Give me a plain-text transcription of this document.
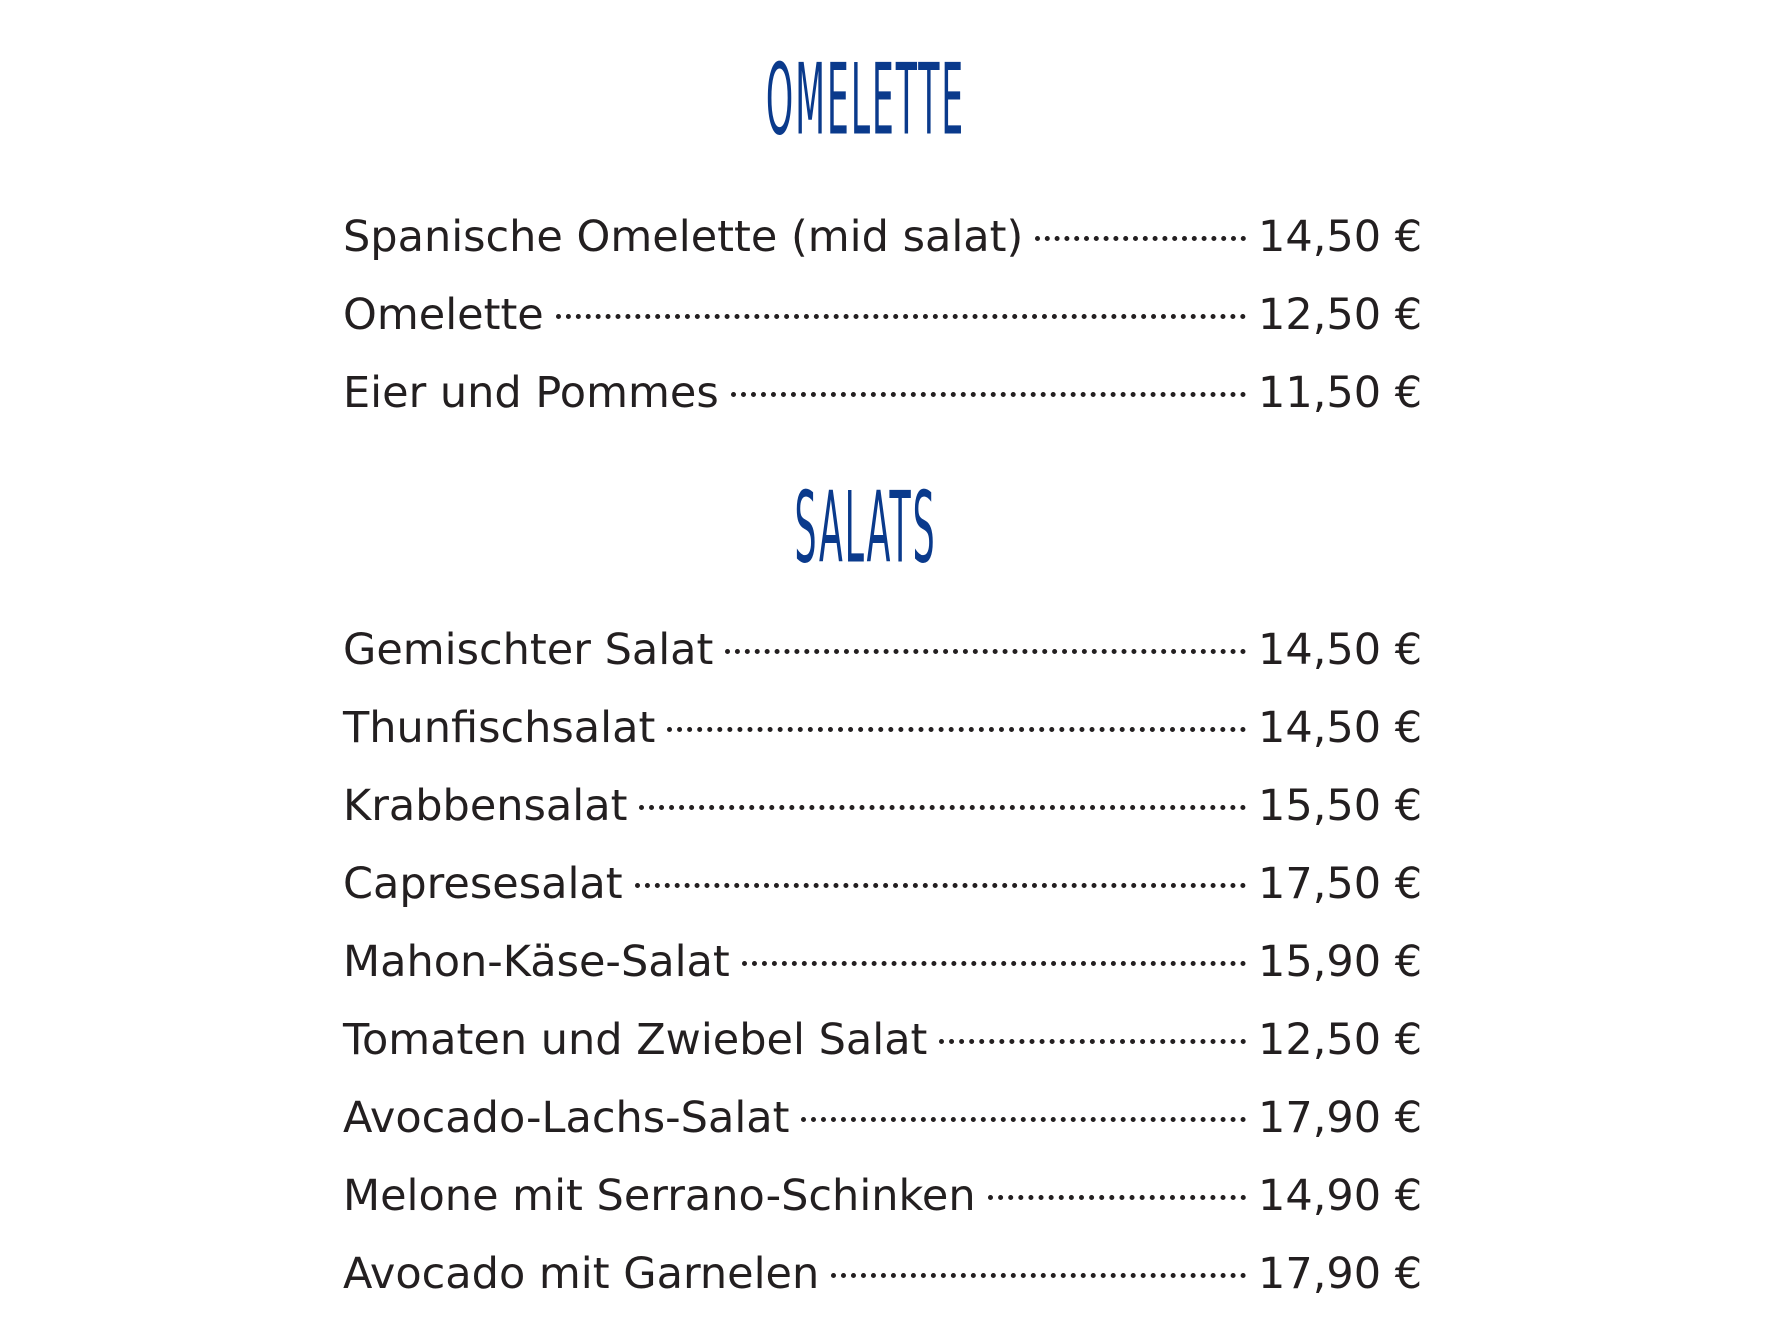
OMELETTE
Spanische Omelette (mid salat)	14,50 €
Omelette	12,50 €
Eier und Pommes	11,50 €
SALATS
Gemischter Salat	14,50 €
Thunfischsalat	14,50 €
Krabbensalat	15,50 €
Capresesalat	17,50 €
Mahon-Käse-Salat	15,90 €
Tomaten und Zwiebel Salat	12,50 €
Avocado-Lachs-Salat	17,90 €
Melone mit Serrano-Schinken	14,90 €
Avocado mit Garnelen	17,90 €
